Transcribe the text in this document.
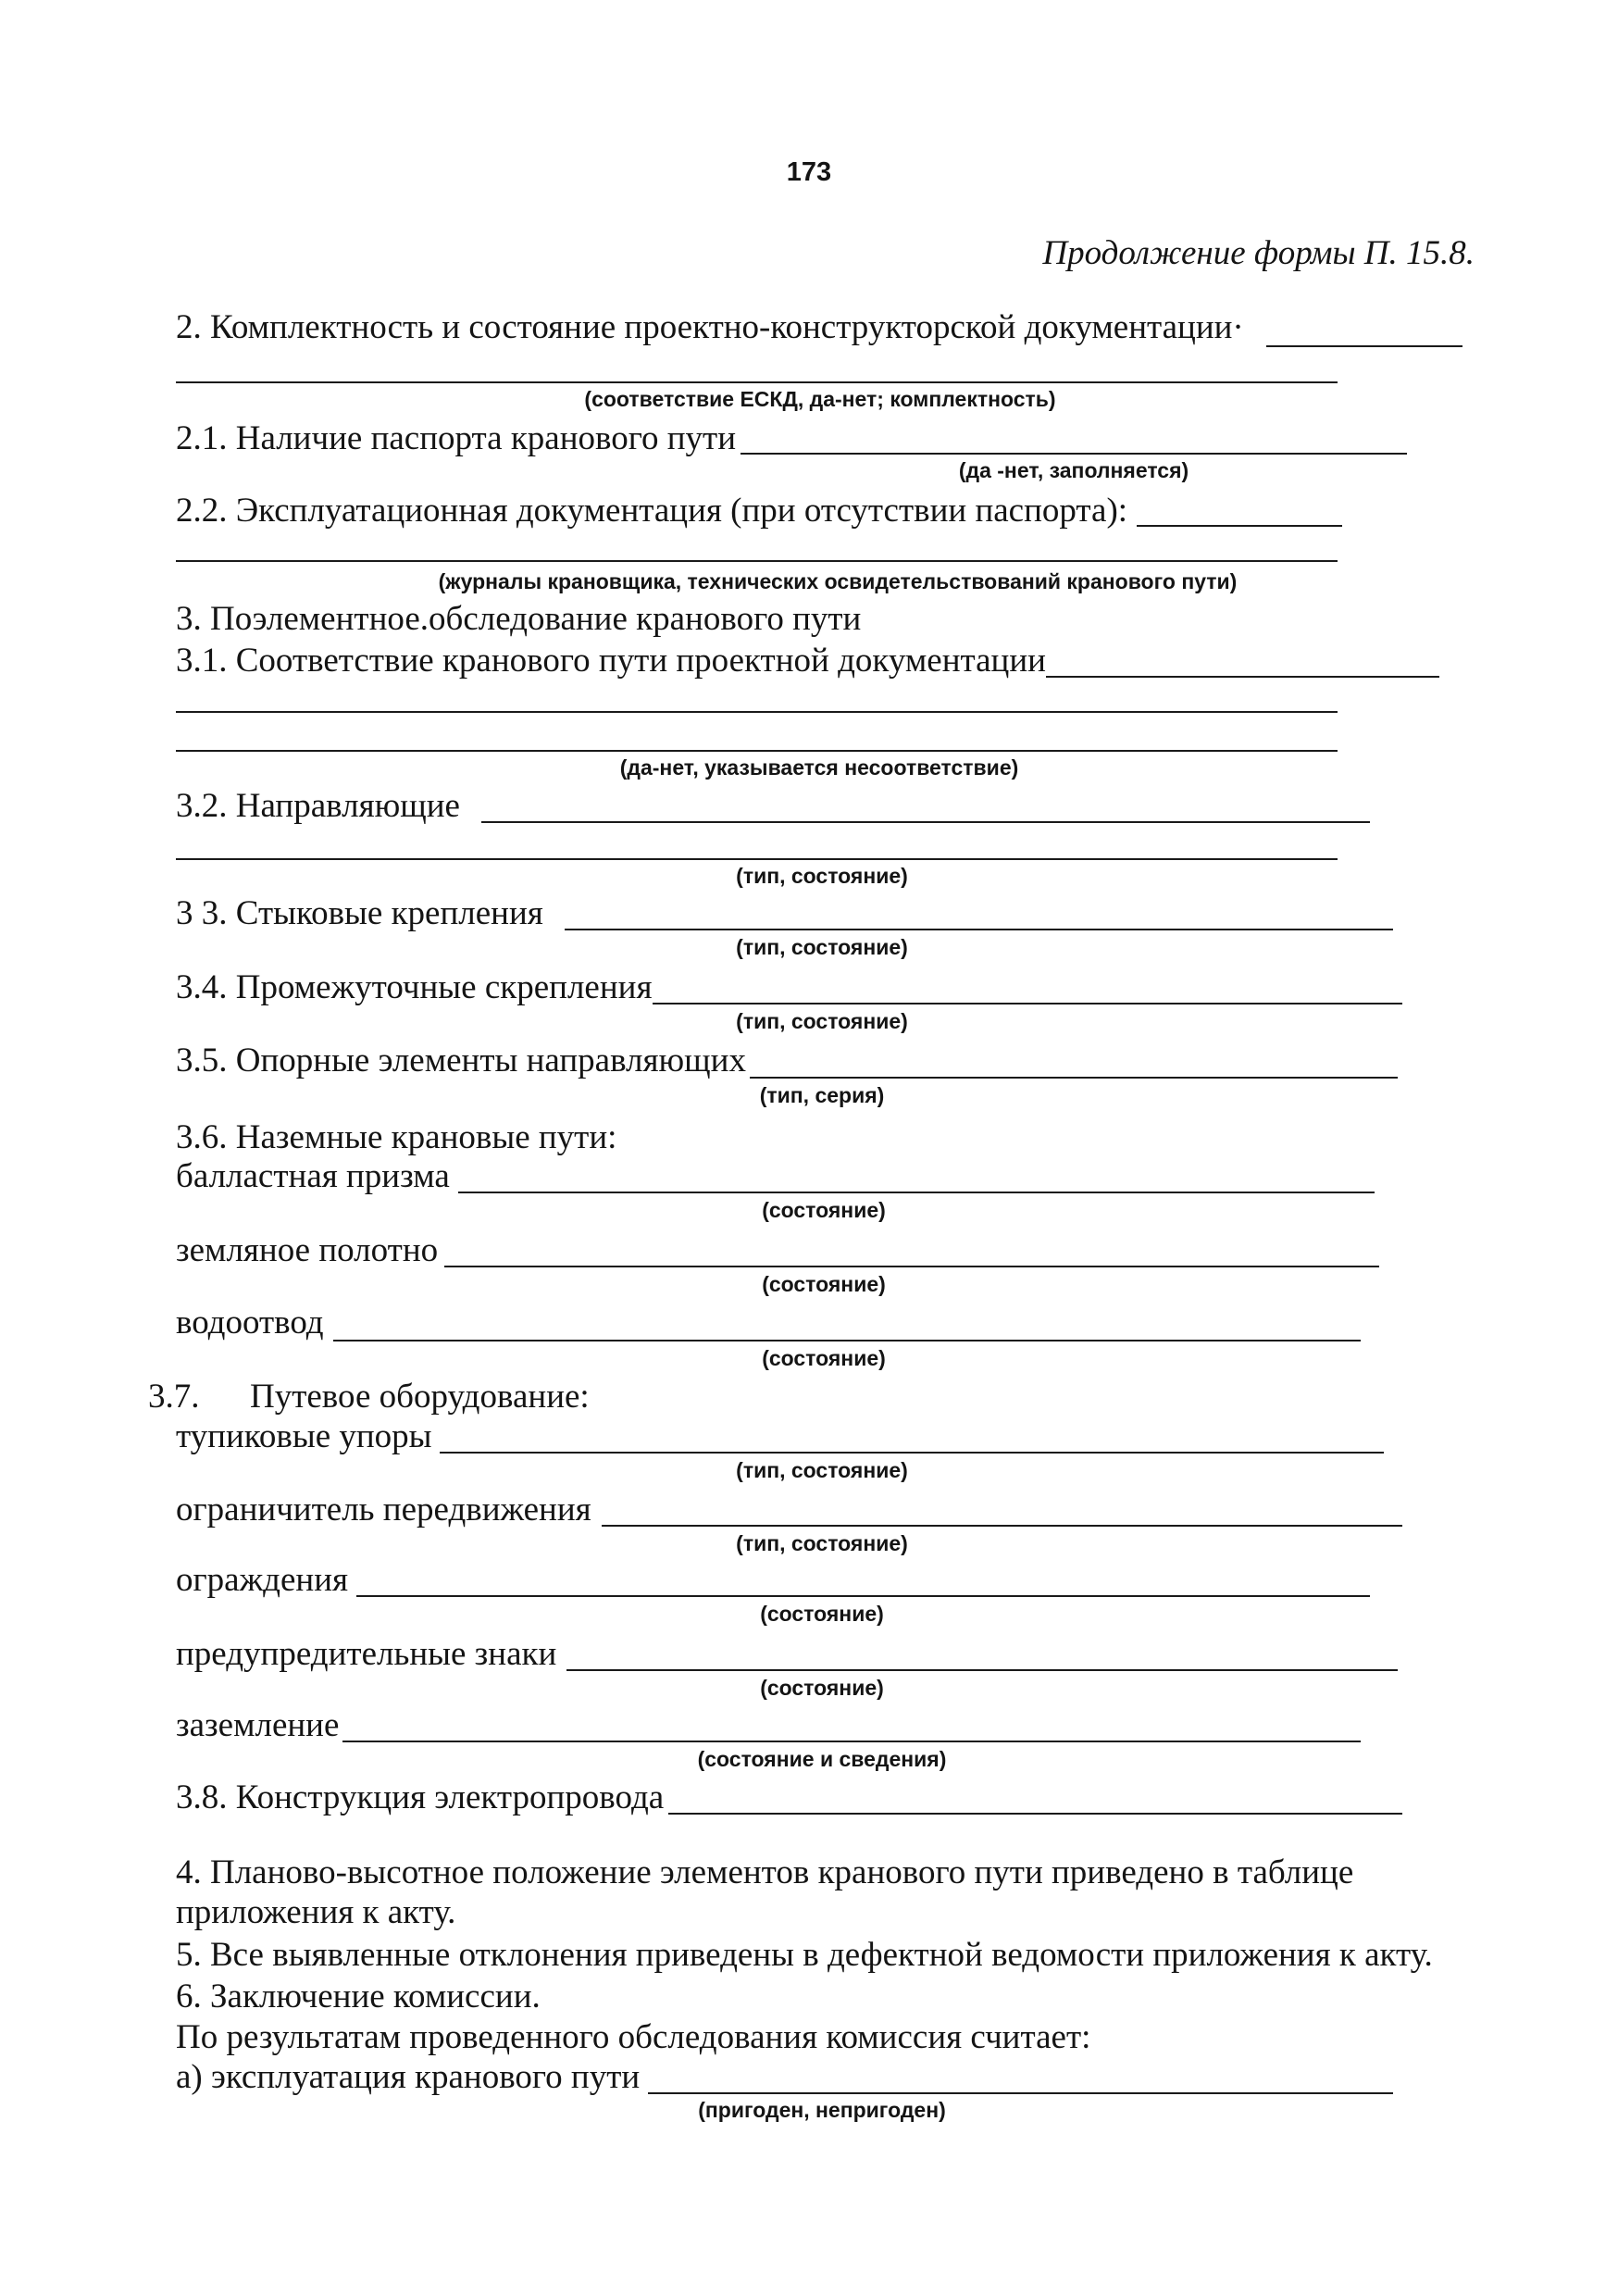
173
Продолжение формы П. 15.8.
2. Комплектность и состояние проектно-конструкторской документации·
(соответствие ЕСКД, да-нет; комплектность)
2.1. Наличие паспорта кранового пути
(да -нет, заполняется)
2.2. Эксплуатационная документация (при отсутствии паспорта):
(журналы крановщика, технических освидетельствований кранового пути)
3. Поэлементное.обследование кранового пути
3.1. Соответствие кранового пути проектной документации
(да-нет, указывается несоответствие)
3.2. Направляющие
(тип, состояние)
3 3. Стыковые крепления
(тип, состояние)
3.4. Промежуточные скрепления
(тип, состояние)
3.5. Опорные элементы направляющих
(тип, серия)
3.6. Наземные крановые пути:
балластная призма
(состояние)
земляное полотно
(состояние)
водоотвод
(состояние)
3.7. Путевое оборудование:
тупиковые упоры
(тип, состояние)
ограничитель передвижения
(тип, состояние)
ограждения
(состояние)
предупредительные знаки
(состояние)
заземление
(состояние и сведения)
3.8. Конструкция электропровода
4. Планово-высотное положение элементов кранового пути приведено в таблице
приложения к акту.
5. Все выявленные отклонения приведены в дефектной ведомости приложения к акту.
6. Заключение комиссии.
По результатам проведенного обследования комиссия считает:
а) эксплуатация кранового пути
(пригоден, непригоден)
